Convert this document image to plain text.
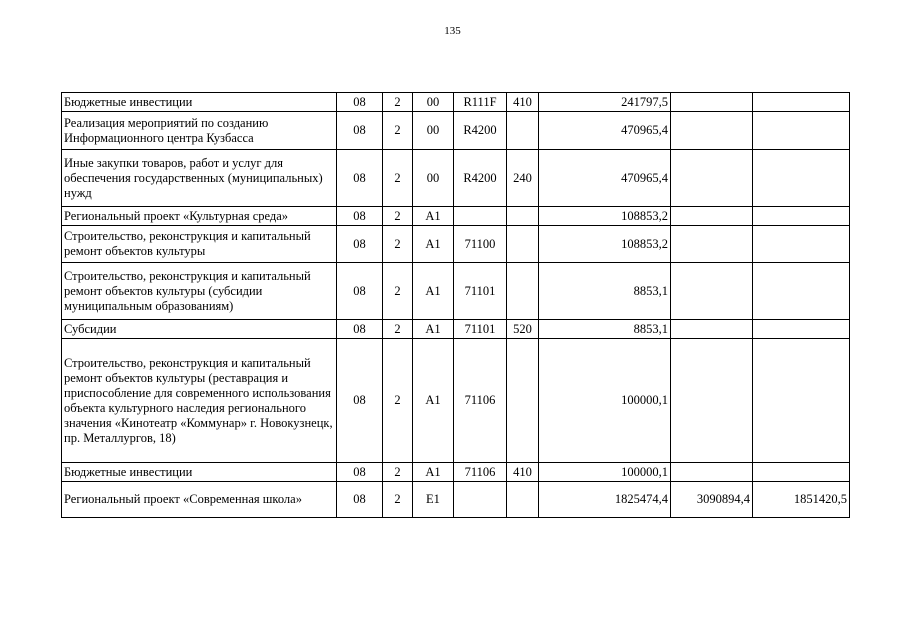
135
Бюджетные инвестиции	08	2	00	R111F	410	241797,5		
Реализация мероприятий по созданию Информационного центра Кузбасса	08	2	00	R4200		470965,4		
Иные закупки товаров, работ и услуг для обеспечения государственных (муниципальных) нужд	08	2	00	R4200	240	470965,4		
Региональный проект «Культурная среда»	08	2	А1			108853,2		
Строительство, реконструкция и капитальный ремонт объектов культуры	08	2	А1	71100		108853,2		
Строительство, реконструкция и капитальный ремонт объектов культуры (субсидии муниципальным образованиям)	08	2	А1	71101		8853,1		
Субсидии	08	2	А1	71101	520	8853,1		
Строительство, реконструкция и капитальный ремонт объектов культуры (реставрация и приспособление для современного использования объекта культурного наследия регионального значения «Кинотеатр «Коммунар» г. Новокузнецк, пр. Металлургов, 18)	08	2	А1	71106		100000,1		
Бюджетные инвестиции	08	2	А1	71106	410	100000,1		
Региональный проект «Современная школа»	08	2	Е1			1825474,4	3090894,4	1851420,5
